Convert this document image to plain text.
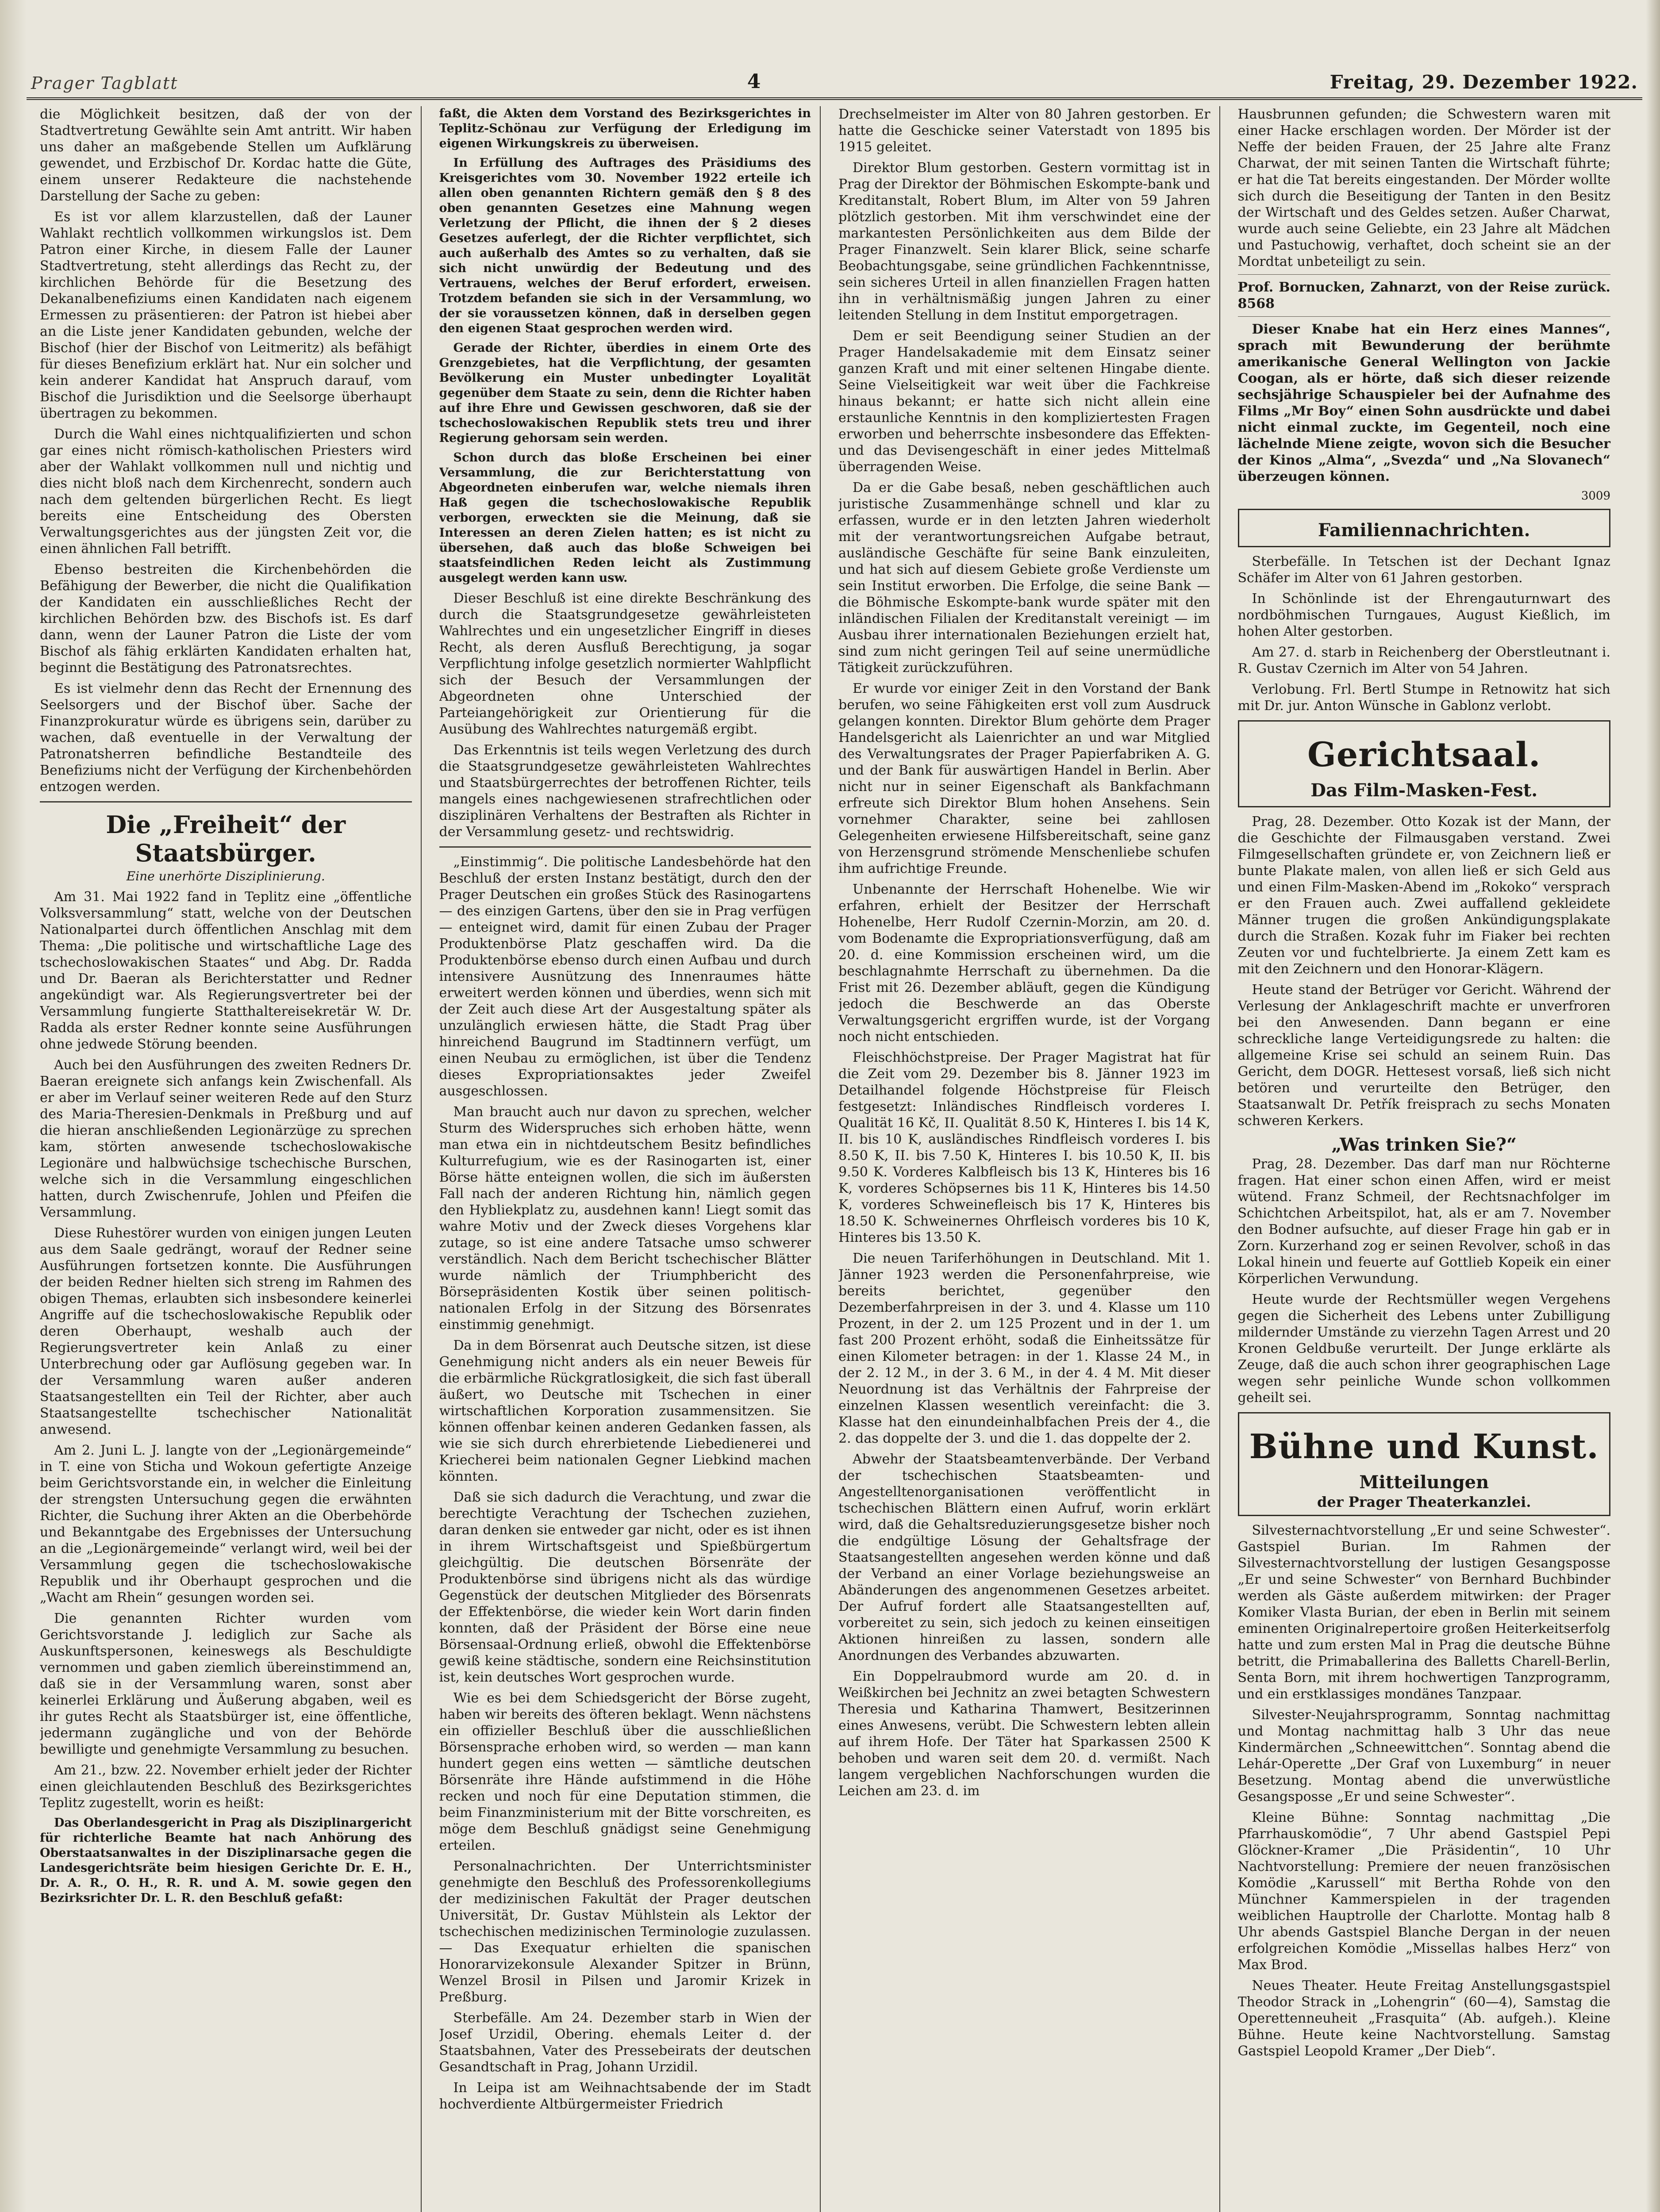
Prager Tagblatt	4	Freitag, 29. Dezember 1922.

die Möglichkeit besitzen, daß der von der Stadtvertretung Gewählte sein Amt antritt. Wir haben uns daher an maßgebende Stellen um Aufklärung gewendet, und Erzbischof Dr. Kordac hatte die Güte, einem unserer Redakteure die nachstehende Darstellung der Sache zu geben:

Es ist vor allem klarzustellen, daß der Launer Wahlakt rechtlich vollkommen wirkungslos ist. Dem Patron einer Kirche, in diesem Falle der Launer Stadtvertretung, steht allerdings das Recht zu, der kirchlichen Behörde für die Besetzung des Dekanalbenefiziums einen Kandidaten nach eigenem Ermessen zu präsentieren: der Patron ist hiebei aber an die Liste jener Kandidaten gebunden, welche der Bischof (hier der Bischof von Leitmeritz) als befähigt für dieses Benefizium erklärt hat. Nur ein solcher und kein anderer Kandidat hat Anspruch darauf, vom Bischof die Jurisdiktion und die Seelsorge überhaupt übertragen zu bekommen.

Durch die Wahl eines nichtqualifizierten und schon gar eines nicht römisch-katholischen Priesters wird aber der Wahlakt vollkommen null und nichtig und dies nicht bloß nach dem Kirchenrecht, sondern auch nach dem geltenden bürgerlichen Recht. Es liegt bereits eine Entscheidung des Obersten Verwaltungsgerichtes aus der jüngsten Zeit vor, die einen ähnlichen Fall betrifft.

Ebenso bestreiten die Kirchenbehörden die Befähigung der Bewerber, die nicht die Qualifikation der Kandidaten ein ausschließliches Recht der kirchlichen Behörden bzw. des Bischofs ist. Es darf dann, wenn der Launer Patron die Liste der vom Bischof als fähig erklärten Kandidaten erhalten hat, beginnt die Bestätigung des Patronatsrechtes.

Es ist vielmehr denn das Recht der Ernennung des Seelsorgers und der Bischof über. Sache der Finanzprokuratur würde es übrigens sein, darüber zu wachen, daß eventuelle in der Verwaltung der Patronatsherren befindliche Bestandteile des Benefiziums nicht der Verfügung der Kirchenbehörden entzogen werden.

Die „Freiheit“ der Staatsbürger.
Eine unerhörte Disziplinierung.

Am 31. Mai 1922 fand in Teplitz eine „öffentliche Volksversammlung“ statt, welche von der Deutschen Nationalpartei durch öffentlichen Anschlag mit dem Thema: „Die politische und wirtschaftliche Lage des tschechoslowakischen Staates“ und Abg. Dr. Radda und Dr. Baeran als Berichterstatter und Redner angekündigt war. Als Regierungsvertreter bei der Versammlung fungierte Statthaltereisekretär W. Dr. Radda als erster Redner konnte seine Ausführungen ohne jedwede Störung beenden.

Auch bei den Ausführungen des zweiten Redners Dr. Baeran ereignete sich anfangs kein Zwischenfall. Als er aber im Verlauf seiner weiteren Rede auf den Sturz des Maria-Theresien-Denkmals in Preßburg und auf die hieran anschließenden Legionärzüge zu sprechen kam, störten anwesende tschechoslowakische Legionäre und halbwüchsige tschechische Burschen, welche sich in die Versammlung eingeschlichen hatten, durch Zwischenrufe, Johlen und Pfeifen die Versammlung.

Diese Ruhestörer wurden von einigen jungen Leuten aus dem Saale gedrängt, worauf der Redner seine Ausführungen fortsetzen konnte. Die Ausführungen der beiden Redner hielten sich streng im Rahmen des obigen Themas, erlaubten sich insbesondere keinerlei Angriffe auf die tschechoslowakische Republik oder deren Oberhaupt, weshalb auch der Regierungsvertreter kein Anlaß zu einer Unterbrechung oder gar Auflösung gegeben war. In der Versammlung waren außer anderen Staatsangestellten ein Teil der Richter, aber auch Staatsangestellte tschechischer Nationalität anwesend.

Am 2. Juni L. J. langte von der „Legionärgemeinde“ in T. eine von Sticha und Wokoun gefertigte Anzeige beim Gerichtsvorstande ein, in welcher die Einleitung der strengsten Untersuchung gegen die erwähnten Richter, die Suchung ihrer Akten an die Oberbehörde und Bekanntgabe des Ergebnisses der Untersuchung an die „Legionärgemeinde“ verlangt wird, weil bei der Versammlung gegen die tschechoslowakische Republik und ihr Oberhaupt gesprochen und die „Wacht am Rhein“ gesungen worden sei.

Die genannten Richter wurden vom Gerichtsvorstande J. lediglich zur Sache als Auskunftspersonen, keineswegs als Beschuldigte vernommen und gaben ziemlich übereinstimmend an, daß sie in der Versammlung waren, sonst aber keinerlei Erklärung und Äußerung abgaben, weil es ihr gutes Recht als Staatsbürger ist, eine öffentliche, jedermann zugängliche und von der Behörde bewilligte und genehmigte Versammlung zu besuchen.

Am 21., bzw. 22. November erhielt jeder der Richter einen gleichlautenden Beschluß des Bezirksgerichtes Teplitz zugestellt, worin es heißt:

Das Oberlandesgericht in Prag als Disziplinargericht für richterliche Beamte hat nach Anhörung des Oberstaatsanwaltes in der Disziplinarsache gegen die Landesgerichtsräte beim hiesigen Gerichte Dr. E. H., Dr. A. R., O. H., R. R. und A. M. sowie gegen den Bezirksrichter Dr. L. R. den Beschluß gefaßt:

faßt, die Akten dem Vorstand des Bezirksgerichtes in Teplitz-Schönau zur Verfügung der Erledigung im eigenen Wirkungskreis zu überweisen.

In Erfüllung des Auftrages des Präsidiums des Kreisgerichtes vom 30. November 1922 erteile ich allen oben genannten Richtern gemäß den § 8 des oben genannten Gesetzes eine Mahnung wegen Verletzung der Pflicht, die ihnen der § 2 dieses Gesetzes auferlegt, der die Richter verpflichtet, sich auch außerhalb des Amtes so zu verhalten, daß sie sich nicht unwürdig der Bedeutung und des Vertrauens, welches der Beruf erfordert, erweisen. Trotzdem befanden sie sich in der Versammlung, wo der sie voraussetzen können, daß in derselben gegen den eigenen Staat gesprochen werden wird.

Gerade der Richter, überdies in einem Orte des Grenzgebietes, hat die Verpflichtung, der gesamten Bevölkerung ein Muster unbedingter Loyalität gegenüber dem Staate zu sein, denn die Richter haben auf ihre Ehre und Gewissen geschworen, daß sie der tschechoslowakischen Republik stets treu und ihrer Regierung gehorsam sein werden.

Schon durch das bloße Erscheinen bei einer Versammlung, die zur Berichterstattung von Abgeordneten einberufen war, welche niemals ihren Haß gegen die tschechoslowakische Republik verborgen, erweckten sie die Meinung, daß sie Interessen an deren Zielen hatten; es ist nicht zu übersehen, daß auch das bloße Schweigen bei staatsfeindlichen Reden leicht als Zustimmung ausgelegt werden kann usw.

Dieser Beschluß ist eine direkte Beschränkung des durch die Staatsgrundgesetze gewährleisteten Wahlrechtes und ein ungesetzlicher Eingriff in dieses Recht, als deren Ausfluß Berechtigung, ja sogar Verpflichtung infolge gesetzlich normierter Wahlpflicht sich der Besuch der Versammlungen der Abgeordneten ohne Unterschied der Parteiangehörigkeit zur Orientierung für die Ausübung des Wahlrechtes naturgemäß ergibt.

Das Erkenntnis ist teils wegen Verletzung des durch die Staatsgrundgesetze gewährleisteten Wahlrechtes und Staatsbürgerrechtes der betroffenen Richter, teils mangels eines nachgewiesenen strafrechtlichen oder disziplinären Verhaltens der Bestraften als Richter in der Versammlung gesetz- und rechtswidrig.

„Einstimmig“. Die politische Landesbehörde hat den Beschluß der ersten Instanz bestätigt, durch den der Prager Deutschen ein großes Stück des Rasinogartens — des einzigen Gartens, über den sie in Prag verfügen — enteignet wird, damit für einen Zubau der Prager Produktenbörse Platz geschaffen wird. Da die Produktenbörse ebenso durch einen Aufbau und durch intensivere Ausnützung des Innenraumes hätte erweitert werden können und überdies, wenn sich mit der Zeit auch diese Art der Ausgestaltung später als unzulänglich erwiesen hätte, die Stadt Prag über hinreichend Baugrund im Stadtinnern verfügt, um einen Neubau zu ermöglichen, ist über die Tendenz dieses Expropriationsaktes jeder Zweifel ausgeschlossen.

Man braucht auch nur davon zu sprechen, welcher Sturm des Widerspruches sich erhoben hätte, wenn man etwa ein in nichtdeutschem Besitz befindliches Kulturrefugium, wie es der Rasinogarten ist, einer Börse hätte enteignen wollen, die sich im äußersten Fall nach der anderen Richtung hin, nämlich gegen den Hybliekplatz zu, ausdehnen kann! Liegt somit das wahre Motiv und der Zweck dieses Vorgehens klar zutage, so ist eine andere Tatsache umso schwerer verständlich. Nach dem Bericht tschechischer Blätter wurde nämlich der Triumphbericht des Börsepräsidenten Kostik über seinen politisch-nationalen Erfolg in der Sitzung des Börsenrates einstimmig genehmigt.

Da in dem Börsenrat auch Deutsche sitzen, ist diese Genehmigung nicht anders als ein neuer Beweis für die erbärmliche Rückgratlosigkeit, die sich fast überall äußert, wo Deutsche mit Tschechen in einer wirtschaftlichen Korporation zusammensitzen. Sie können offenbar keinen anderen Gedanken fassen, als wie sie sich durch ehrerbietende Liebedienerei und Kriecherei beim nationalen Gegner Liebkind machen könnten.

Daß sie sich dadurch die Verachtung, und zwar die berechtigte Verachtung der Tschechen zuziehen, daran denken sie entweder gar nicht, oder es ist ihnen in ihrem Wirtschaftsgeist und Spießbürgertum gleichgültig. Die deutschen Börsenräte der Produktenbörse sind übrigens nicht als das würdige Gegenstück der deutschen Mitglieder des Börsenrats der Effektenbörse, die wieder kein Wort darin finden konnten, daß der Präsident der Börse eine neue Börsensaal-Ordnung erließ, obwohl die Effektenbörse gewiß keine städtische, sondern eine Reichsinstitution ist, kein deutsches Wort gesprochen wurde.

Wie es bei dem Schiedsgericht der Börse zugeht, haben wir bereits des öfteren beklagt. Wenn nächstens ein offizieller Beschluß über die ausschließlichen Börsensprache erhoben wird, so werden — man kann hundert gegen eins wetten — sämtliche deutschen Börsenräte ihre Hände aufstimmend in die Höhe recken und noch für eine Deputation stimmen, die beim Finanzministerium mit der Bitte vorschreiten, es möge dem Beschluß gnädigst seine Genehmigung erteilen.

Personalnachrichten. Der Unterrichtsminister genehmigte den Beschluß des Professorenkollegiums der medizinischen Fakultät der Prager deutschen Universität, Dr. Gustav Mühlstein als Lektor der tschechischen medizinischen Terminologie zuzulassen. — Das Exequatur erhielten die spanischen Honorarvizekonsule Alexander Spitzer in Brünn, Wenzel Brosil in Pilsen und Jaromir Krizek in Preßburg.

Sterbefälle. Am 24. Dezember starb in Wien der Josef Urzidil, Obering. ehemals Leiter d. der Staatsbahnen, Vater des Pressebeirats der deutschen Gesandtschaft in Prag, Johann Urzidil.

In Leipa ist am Weihnachtsabende der im Stadt hochverdiente Altbürgermeister Friedrich

Drechselmeister im Alter von 80 Jahren gestorben. Er hatte die Geschicke seiner Vaterstadt von 1895 bis 1915 geleitet.

Direktor Blum gestorben. Gestern vormittag ist in Prag der Direktor der Böhmischen Eskompte-bank und Kreditanstalt, Robert Blum, im Alter von 59 Jahren plötzlich gestorben. Mit ihm verschwindet eine der markantesten Persönlichkeiten aus dem Bilde der Prager Finanzwelt. Sein klarer Blick, seine scharfe Beobachtungsgabe, seine gründlichen Fachkenntnisse, sein sicheres Urteil in allen finanziellen Fragen hatten ihn in verhältnismäßig jungen Jahren zu einer leitenden Stellung in dem Institut emporgetragen.

Dem er seit Beendigung seiner Studien an der Prager Handelsakademie mit dem Einsatz seiner ganzen Kraft und mit einer seltenen Hingabe diente. Seine Vielseitigkeit war weit über die Fachkreise hinaus bekannt; er hatte sich nicht allein eine erstaunliche Kenntnis in den kompliziertesten Fragen erworben und beherrschte insbesondere das Effekten- und das Devisengeschäft in einer jedes Mittelmaß überragenden Weise.

Da er die Gabe besaß, neben geschäftlichen auch juristische Zusammenhänge schnell und klar zu erfassen, wurde er in den letzten Jahren wiederholt mit der verantwortungsreichen Aufgabe betraut, ausländische Geschäfte für seine Bank einzuleiten, und hat sich auf diesem Gebiete große Verdienste um sein Institut erworben. Die Erfolge, die seine Bank — die Böhmische Eskompte-bank wurde später mit den inländischen Filialen der Kreditanstalt vereinigt — im Ausbau ihrer internationalen Beziehungen erzielt hat, sind zum nicht geringen Teil auf seine unermüdliche Tätigkeit zurückzuführen.

Er wurde vor einiger Zeit in den Vorstand der Bank berufen, wo seine Fähigkeiten erst voll zum Ausdruck gelangen konnten. Direktor Blum gehörte dem Prager Handelsgericht als Laienrichter an und war Mitglied des Verwaltungsrates der Prager Papierfabriken A. G. und der Bank für auswärtigen Handel in Berlin. Aber nicht nur in seiner Eigenschaft als Bankfachmann erfreute sich Direktor Blum hohen Ansehens. Sein vornehmer Charakter, seine bei zahllosen Gelegenheiten erwiesene Hilfsbereitschaft, seine ganz von Herzensgrund strömende Menschenliebe schufen ihm aufrichtige Freunde.

Unbenannte der Herrschaft Hohenelbe. Wie wir erfahren, erhielt der Besitzer der Herrschaft Hohenelbe, Herr Rudolf Czernin-Morzin, am 20. d. vom Bodenamte die Expropriationsverfügung, daß am 20. d. eine Kommission erscheinen wird, um die beschlagnahmte Herrschaft zu übernehmen. Da die Frist mit 26. Dezember abläuft, gegen die Kündigung jedoch die Beschwerde an das Oberste Verwaltungsgericht ergriffen wurde, ist der Vorgang noch nicht entschieden.

Fleischhöchstpreise. Der Prager Magistrat hat für die Zeit vom 29. Dezember bis 8. Jänner 1923 im Detailhandel folgende Höchstpreise für Fleisch festgesetzt: Inländisches Rindfleisch vorderes I. Qualität 16 Kč, II. Qualität 8.50 K, Hinteres I. bis 14 K, II. bis 10 K, ausländisches Rindfleisch vorderes I. bis 8.50 K, II. bis 7.50 K, Hinteres I. bis 10.50 K, II. bis 9.50 K. Vorderes Kalbfleisch bis 13 K, Hinteres bis 16 K, vorderes Schöpsernes bis 11 K, Hinteres bis 14.50 K, vorderes Schweinefleisch bis 17 K, Hinteres bis 18.50 K. Schweinernes Ohrfleisch vorderes bis 10 K, Hinteres bis 13.50 K.

Die neuen Tariferhöhungen in Deutschland. Mit 1. Jänner 1923 werden die Personenfahrpreise, wie bereits berichtet, gegenüber den Dezemberfahrpreisen in der 3. und 4. Klasse um 110 Prozent, in der 2. um 125 Prozent und in der 1. um fast 200 Prozent erhöht, sodaß die Einheitssätze für einen Kilometer betragen: in der 1. Klasse 24 M., in der 2. 12 M., in der 3. 6 M., in der 4. 4 M. Mit dieser Neuordnung ist das Verhältnis der Fahrpreise der einzelnen Klassen wesentlich vereinfacht: die 3. Klasse hat den einundeinhalbfachen Preis der 4., die 2. das doppelte der 3. und die 1. das doppelte der 2.

Abwehr der Staatsbeamtenverbände. Der Verband der tschechischen Staatsbeamten- und Angestelltenorganisationen veröffentlicht in tschechischen Blättern einen Aufruf, worin erklärt wird, daß die Gehaltsreduzierungsgesetze bisher noch die endgültige Lösung der Gehaltsfrage der Staatsangestellten angesehen werden könne und daß der Verband an einer Vorlage beziehungsweise an Abänderungen des angenommenen Gesetzes arbeitet. Der Aufruf fordert alle Staatsangestellten auf, vorbereitet zu sein, sich jedoch zu keinen einseitigen Aktionen hinreißen zu lassen, sondern alle Anordnungen des Verbandes abzuwarten.

Ein Doppelraubmord wurde am 20. d. in Weißkirchen bei Jechnitz an zwei betagten Schwestern Theresia und Katharina Thamwert, Besitzerinnen eines Anwesens, verübt. Die Schwestern lebten allein auf ihrem Hofe. Der Täter hat Sparkassen 2500 K behoben und waren seit dem 20. d. vermißt. Nach langem vergeblichen Nachforschungen wurden die Leichen am 23. d. im

Hausbrunnen gefunden; die Schwestern waren mit einer Hacke erschlagen worden. Der Mörder ist der Neffe der beiden Frauen, der 25 Jahre alte Franz Charwat, der mit seinen Tanten die Wirtschaft führte; er hat die Tat bereits eingestanden. Der Mörder wollte sich durch die Beseitigung der Tanten in den Besitz der Wirtschaft und des Geldes setzen. Außer Charwat, wurde auch seine Geliebte, ein 23 Jahre alt Mädchen und Pastuchowig, verhaftet, doch scheint sie an der Mordtat unbeteiligt zu sein.

Prof. Bornucken, Zahnarzt, von der Reise zurück. 8568

Dieser Knabe hat ein Herz eines Mannes“, sprach mit Bewunderung der berühmte amerikanische General Wellington von Jackie Coogan, als er hörte, daß sich dieser reizende sechsjährige Schauspieler bei der Aufnahme des Films „Mr Boy“ einen Sohn ausdrückte und dabei nicht einmal zuckte, im Gegenteil, noch eine lächelnde Miene zeigte, wovon sich die Besucher der Kinos „Alma“, „Svezda“ und „Na Slovanech“ überzeugen können.

3009
Familiennachrichten.

Sterbefälle. In Tetschen ist der Dechant Ignaz Schäfer im Alter von 61 Jahren gestorben.

In Schönlinde ist der Ehrengauturnwart des nordböhmischen Turngaues, August Kießlich, im hohen Alter gestorben.

Am 27. d. starb in Reichenberg der Oberstleutnant i. R. Gustav Czernich im Alter von 54 Jahren.

Verlobung. Frl. Bertl Stumpe in Retnowitz hat sich mit Dr. jur. Anton Wünsche in Gablonz verlobt.

Gerichtsaal.
Das Film-Masken-Fest.

Prag, 28. Dezember. Otto Kozak ist der Mann, der die Geschichte der Filmausgaben verstand. Zwei Filmgesellschaften gründete er, von Zeichnern ließ er bunte Plakate malen, von allen ließ er sich Geld aus und einen Film-Masken-Abend im „Rokoko“ versprach er den Frauen auch. Zwei auffallend gekleidete Männer trugen die großen Ankündigungsplakate durch die Straßen. Kozak fuhr im Fiaker bei rechten Zeuten vor und fuchtelbrierte. Ja einem Zett kam es mit den Zeichnern und den Honorar-Klägern.

Heute stand der Betrüger vor Gericht. Während der Verlesung der Anklageschrift machte er unverfroren bei den Anwesenden. Dann begann er eine schreckliche lange Verteidigungsrede zu halten: die allgemeine Krise sei schuld an seinem Ruin. Das Gericht, dem DOGR. Hettesest vorsaß, ließ sich nicht betören und verurteilte den Betrüger, den Staatsanwalt Dr. Petřík freisprach zu sechs Monaten schweren Kerkers.

„Was trinken Sie?“

Prag, 28. Dezember. Das darf man nur Röchterne fragen. Hat einer schon einen Affen, wird er meist wütend. Franz Schmeil, der Rechtsnachfolger im Schichtchen Arbeitspilot, hat, als er am 7. November den Bodner aufsuchte, auf dieser Frage hin gab er in Zorn. Kurzerhand zog er seinen Revolver, schoß in das Lokal hinein und feuerte auf Gottlieb Kopeik ein einer Körperlichen Verwundung.

Heute wurde der Rechtsmüller wegen Vergehens gegen die Sicherheit des Lebens unter Zubilligung mildernder Umstände zu vierzehn Tagen Arrest und 20 Kronen Geldbuße verurteilt. Der Junge erklärte als Zeuge, daß die auch schon ihrer geographischen Lage wegen sehr peinliche Wunde schon vollkommen geheilt sei.

Bühne und Kunst.
Mitteilungen
der Prager Theaterkanzlei.

Silvesternachtvorstellung „Er und seine Schwester“. Gastspiel Burian. Im Rahmen der Silvesternachtvorstellung der lustigen Gesangsposse „Er und seine Schwester“ von Bernhard Buchbinder werden als Gäste außerdem mitwirken: der Prager Komiker Vlasta Burian, der eben in Berlin mit seinem eminenten Originalrepertoire großen Heiterkeitserfolg hatte und zum ersten Mal in Prag die deutsche Bühne betritt, die Primaballerina des Balletts Charell-Berlin, Senta Born, mit ihrem hochwertigen Tanzprogramm, und ein erstklassiges mondänes Tanzpaar.

Silvester-Neujahrsprogramm, Sonntag nachmittag und Montag nachmittag halb 3 Uhr das neue Kindermärchen „Schneewittchen“. Sonntag abend die Lehár-Operette „Der Graf von Luxemburg“ in neuer Besetzung. Montag abend die unverwüstliche Gesangsposse „Er und seine Schwester“.

Kleine Bühne: Sonntag nachmittag „Die Pfarrhauskomödie“, 7 Uhr abend Gastspiel Pepi Glöckner-Kramer „Die Präsidentin“, 10 Uhr Nachtvorstellung: Premiere der neuen französischen Komödie „Karussell“ mit Bertha Rohde von den Münchner Kammerspielen in der tragenden weiblichen Hauptrolle der Charlotte. Montag halb 8 Uhr abends Gastspiel Blanche Dergan in der neuen erfolgreichen Komödie „Missellas halbes Herz“ von Max Brod.

Neues Theater. Heute Freitag Anstellungsgastspiel Theodor Strack in „Lohengrin“ (60—4), Samstag die Operettenneuheit „Frasquita“ (Ab. aufgeh.). Kleine Bühne. Heute keine Nachtvorstellung. Samstag Gastspiel Leopold Kramer „Der Dieb“.
